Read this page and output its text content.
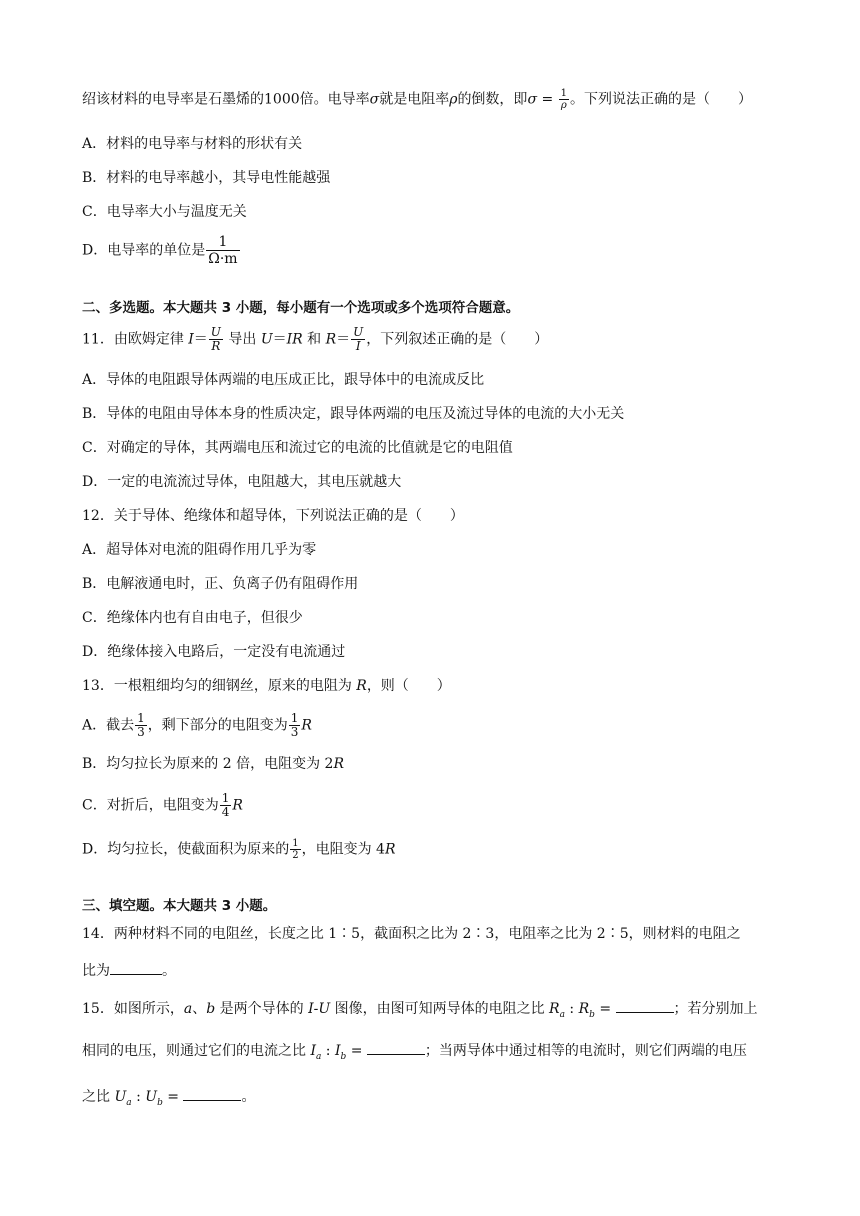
绍该材料的电导率是石墨烯的1000倍。电导率σ就是电阻率ρ的倒数，即$\sigma = \frac{1}{\rho}$ 。下列说法正确的是（　　）
A．材料的电导率与材料的形状有关
B．材料的电导率越小，其导电性能越强
C．电导率大小与温度无关
D．电导率的单位是 $\frac{1}{\Omega\cdot m}$
二、多选题。本大题共 3 小题，每小题有一个选项或多个选项符合题意。
11．由欧姆定律 $I= \frac{U}{R}$ 导出 U＝IR 和 $R= \frac{U}{I}$ ，下列叙述正确的是（　　）
A．导体的电阻跟导体两端的电压成正比，跟导体中的电流成反比
B．导体的电阻由导体本身的性质决定，跟导体两端的电压及流过导体的电流的大小无关
C．对确定的导体，其两端电压和流过它的电流的比值就是它的电阻值
D．一定的电流流过导体，电阻越大，其电压就越大
12．关于导体、绝缘体和超导体，下列说法正确的是（　　）
A．超导体对电流的阻碍作用几乎为零
B．电解液通电时，正、负离子仍有阻碍作用
C．绝缘体内也有自由电子，但很少
D．绝缘体接入电路后，一定没有电流通过
13．一根粗细均匀的细钢丝，原来的电阻为 R，则（　　）
A．截去 $\frac{1}{3}$ ，剩下部分的电阻变为 $\frac{1}{3}$ R
B．均匀拉长为原来的 2 倍，电阻变为 2R
C．对折后，电阻变为 $\frac{1}{4}$ R
D．均匀拉长，使截面积为原来的 $\frac{1}{2}$ ，电阻变为 4R
三、填空题。本大题共 3 小题。
14．两种材料不同的电阻丝，长度之比 1∶5，截面积之比为 2∶3，电阻率之比为 2∶5，则材料的电阻之
比为	。
15．如图所示，a、b 是两个导体的 I-U 图像，由图可知两导体的电阻之比 $R_a$ : $R_b$ =	；若分别加上
相同的电压，则通过它们的电流之比 $I_a$ : $I_b$ =	；当两导体中通过相等的电流时，则它们两端的电压
之比 $U_a$ : $U_b$ =	。
